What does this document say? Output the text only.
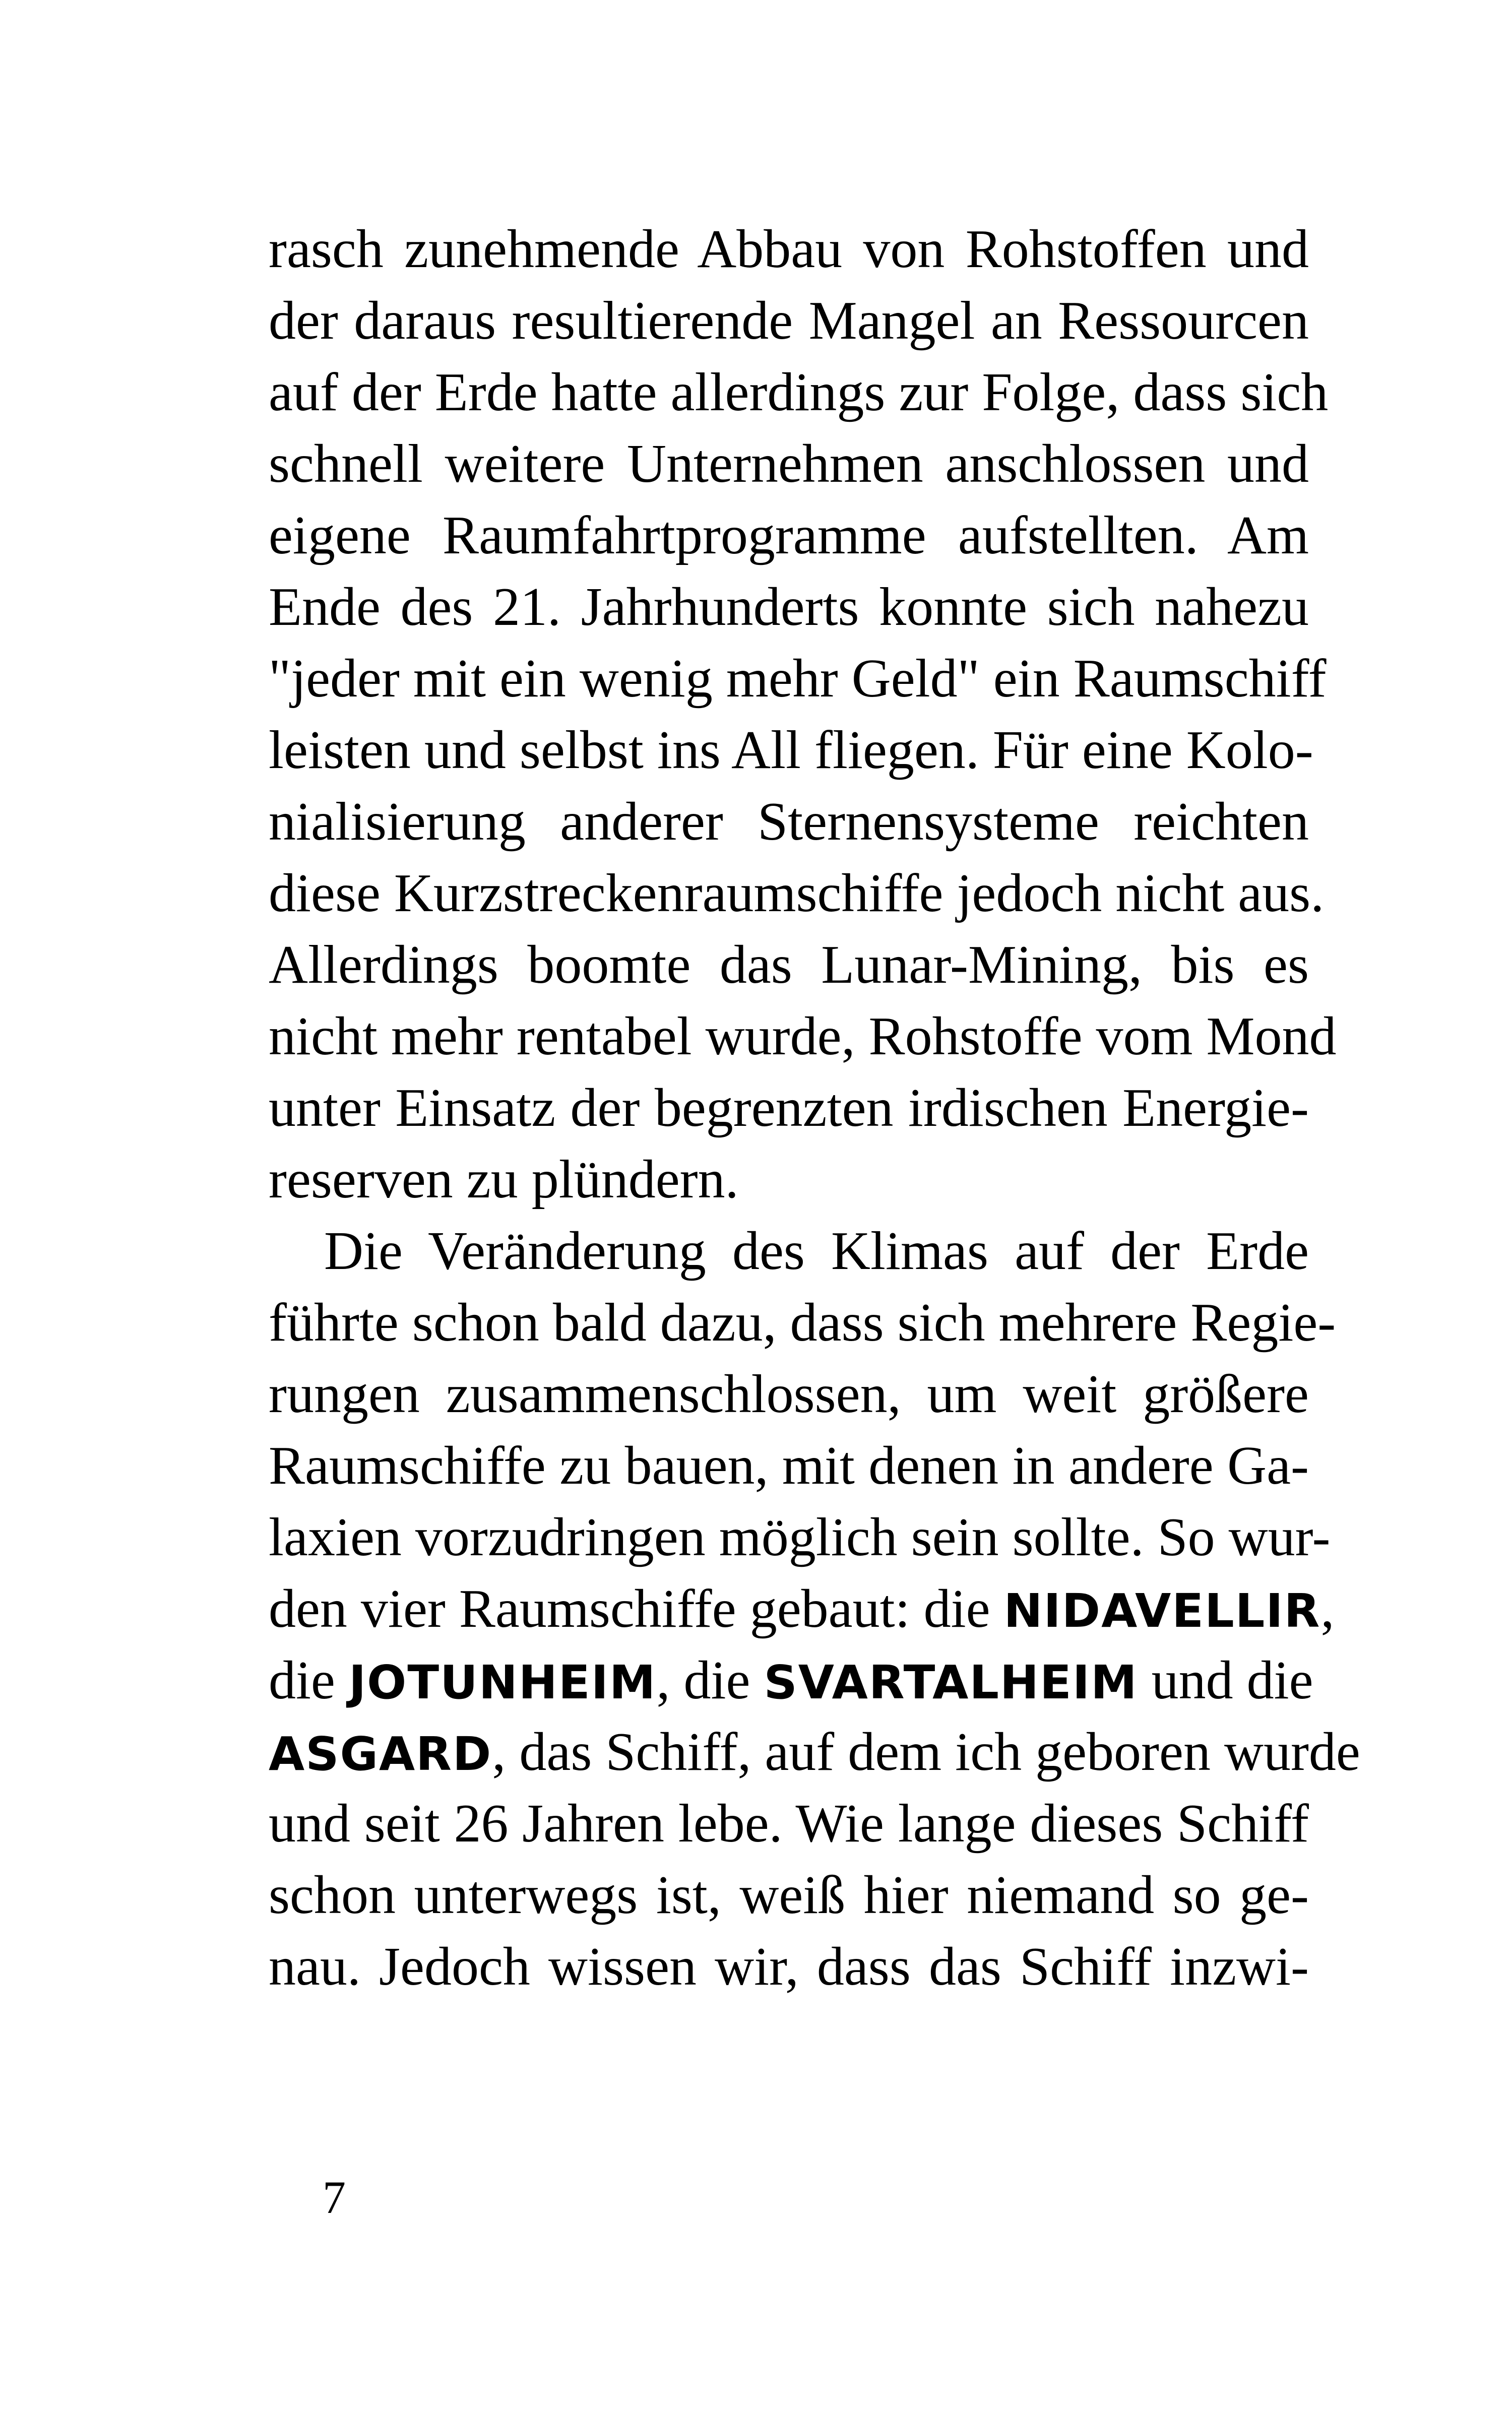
rasch zunehmende Abbau von Rohstoffen und
der daraus resultierende Mangel an Ressourcen
auf der Erde hatte allerdings zur Folge, dass sich
schnell weitere Unternehmen anschlossen und
eigene Raumfahrtprogramme aufstellten. Am
Ende des 21. Jahrhunderts konnte sich nahezu
"jeder mit ein wenig mehr Geld" ein Raumschiff
leisten und selbst ins All fliegen. Für eine Kolo-
nialisierung anderer Sternensysteme reichten
diese Kurzstreckenraumschiffe jedoch nicht aus.
Allerdings boomte das Lunar-Mining, bis es
nicht mehr rentabel wurde, Rohstoffe vom Mond
unter Einsatz der begrenzten irdischen Energie-
reserven zu plündern.
Die Veränderung des Klimas auf der Erde
führte schon bald dazu, dass sich mehrere Regie-
rungen zusammenschlossen, um weit größere
Raumschiffe zu bauen, mit denen in andere Ga-
laxien vorzudringen möglich sein sollte. So wur-
den vier Raumschiffe gebaut: die NIDAVELLIR,
die JOTUNHEIM, die SVARTALHEIM und die
ASGARD, das Schiff, auf dem ich geboren wurde
und seit 26 Jahren lebe. Wie lange dieses Schiff
schon unterwegs ist, weiß hier niemand so ge-
nau. Jedoch wissen wir, dass das Schiff inzwi-
7
